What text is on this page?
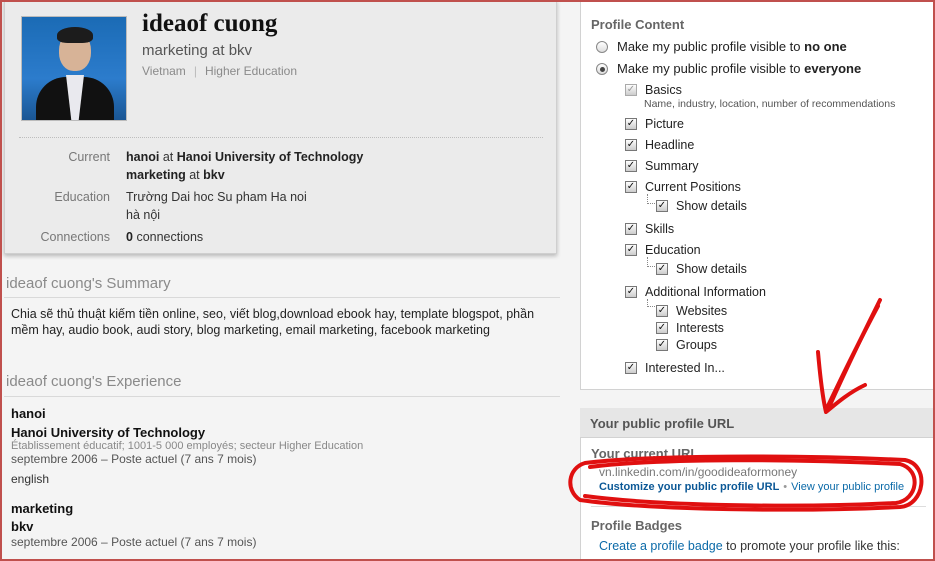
ideaof cuong
marketing at bkv
Vietnam | Higher Education
Current	hanoi at Hanoi University of Technology
marketing at bkv
Education	Trường Dai hoc Su pham Ha noi
hà nội
Connections	0 connections
ideaof cuong's Summary
Chia sẽ thủ thuật kiếm tiền online, seo, viết blog,download ebook hay, template blogspot, phần mềm hay, audio book, audi story, blog marketing, email marketing, facebook marketing
ideaof cuong's Experience
hanoi
Hanoi University of Technology
Établissement éducatif; 1001-5 000 employés; secteur Higher Education
septembre 2006 – Poste actuel (7 ans 7 mois)
english
marketing
bkv
septembre 2006 – Poste actuel (7 ans 7 mois)
Profile Content
Make my public profile visible to no one
Make my public profile visible to everyone
✓ Basics
Name, industry, location, number of recommendations
✓ Picture
✓ Headline
✓ Summary
✓ Current Positions
✓ Show details
✓ Skills
✓ Education
✓ Show details
✓ Additional Information
✓ Websites
✓ Interests
✓ Groups
✓ Interested In...
Your public profile URL
Your current URL
vn.linkedin.com/in/goodideaformoney
Customize your public profile URL • View your public profile
Profile Badges
Create a profile badge to promote your profile like this:
